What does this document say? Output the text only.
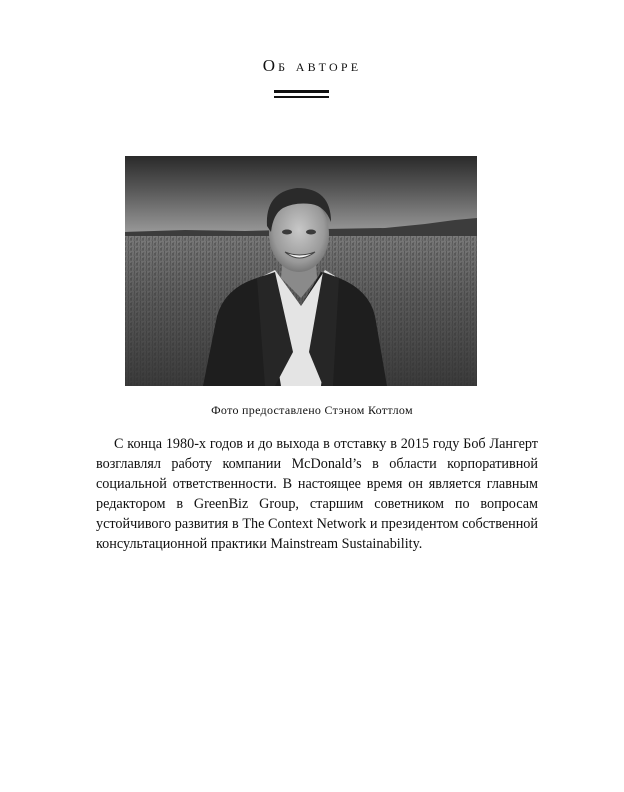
Об авторе
Фото предоставлено Стэном Коттлом

С конца 1980-х годов и до выхода в отставку в 2015 году Боб Лангерт возглавлял работу компании McDonald’s в области корпоративной социальной ответственности. В настоящее время он является главным редактором в GreenBiz Group, старшим советником по вопросам устойчивого развития в The Context Network и президентом собственной консультационной практики Mainstream Sustainability.
